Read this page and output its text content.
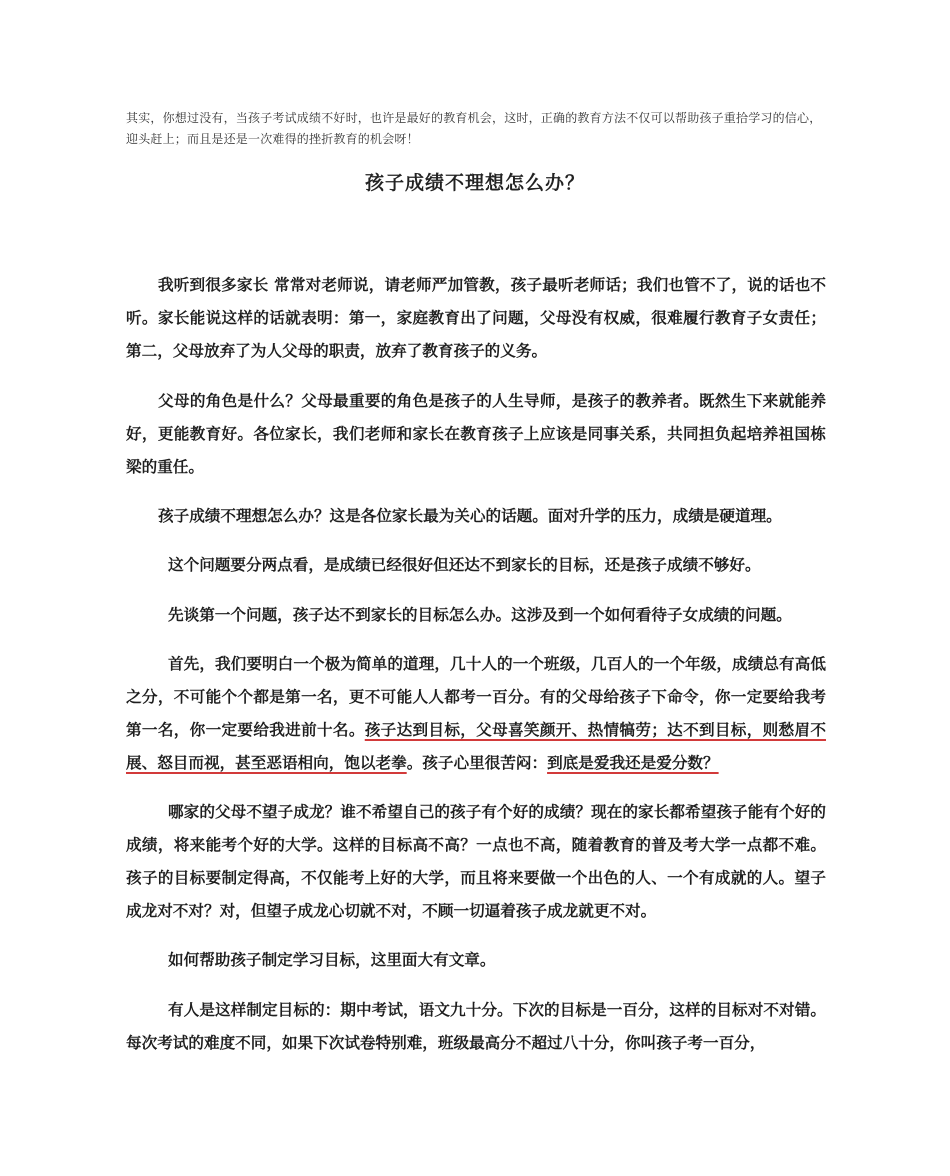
其实，你想过没有，当孩子考试成绩不好时，也许是最好的教育机会，这时，正确的教育方法不仅可以帮助孩子重拾学习的信心，迎头赶上；而且是还是一次难得的挫折教育的机会呀！
孩子成绩不理想怎么办？

我听到很多家长 常常对老师说，请老师严加管教，孩子最听老师话；我们也管不了，说的话也不听。家长能说这样的话就表明：第一，家庭教育出了问题，父母没有权威，很难履行教育子女责任；第二，父母放弃了为人父母的职责，放弃了教育孩子的义务。

父母的角色是什么？父母最重要的角色是孩子的人生导师，是孩子的教养者。既然生下来就能养好，更能教育好。各位家长，我们老师和家长在教育孩子上应该是同事关系，共同担负起培养祖国栋梁的重任。

孩子成绩不理想怎么办？这是各位家长最为关心的话题。面对升学的压力，成绩是硬道理。

这个问题要分两点看，是成绩已经很好但还达不到家长的目标，还是孩子成绩不够好。

先谈第一个问题，孩子达不到家长的目标怎么办。这涉及到一个如何看待子女成绩的问题。

首先，我们要明白一个极为简单的道理，几十人的一个班级，几百人的一个年级，成绩总有高低之分，不可能个个都是第一名，更不可能人人都考一百分。有的父母给孩子下命令，你一定要给我考第一名，你一定要给我进前十名。孩子达到目标，父母喜笑颜开、热情犒劳；达不到目标，则愁眉不展、怒目而视，甚至恶语相向，饱以老拳。孩子心里很苦闷：到底是爱我还是爱分数？

哪家的父母不望子成龙？谁不希望自己的孩子有个好的成绩？现在的家长都希望孩子能有个好的成绩，将来能考个好的大学。这样的目标高不高？一点也不高，随着教育的普及考大学一点都不难。孩子的目标要制定得高，不仅能考上好的大学，而且将来要做一个出色的人、一个有成就的人。望子成龙对不对？对，但望子成龙心切就不对，不顾一切逼着孩子成龙就更不对。

如何帮助孩子制定学习目标，这里面大有文章。

有人是这样制定目标的：期中考试，语文九十分。下次的目标是一百分，这样的目标对不对错。每次考试的难度不同，如果下次试卷特别难，班级最高分不超过八十分，你叫孩子考一百分，
